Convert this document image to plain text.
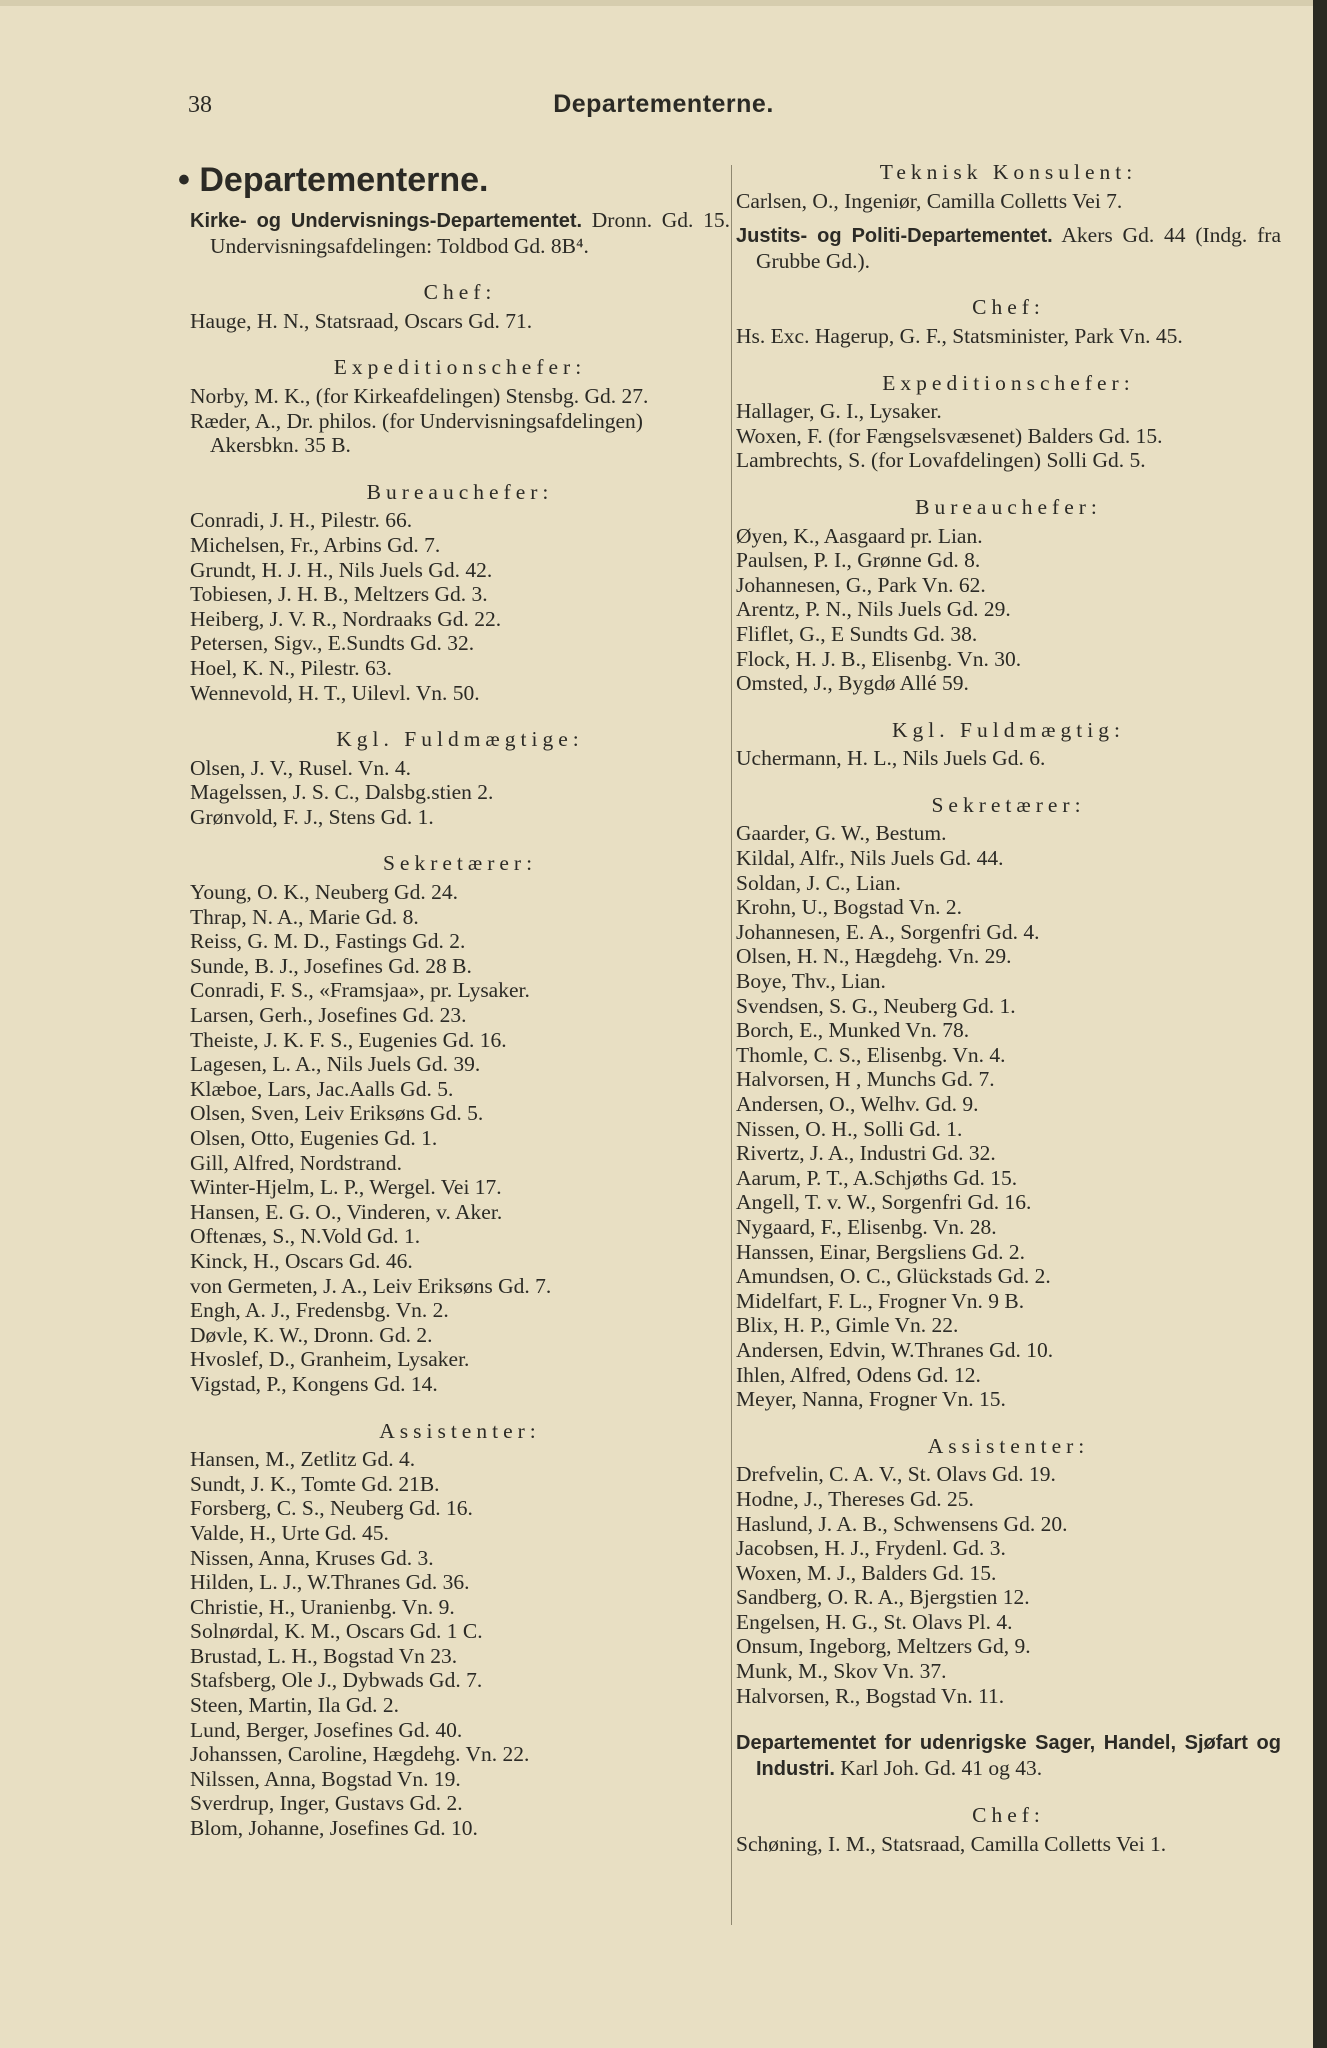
38	Departementerne.
• Departementerne.

Kirke- og Undervisnings-Departementet. Dronn. Gd. 15. Undervisningsafdelingen: Toldbod Gd. 8B⁴.

Chef:

Hauge, H. N., Statsraad, Oscars Gd. 71.

Expeditionschefer:

Norby, M. K., (for Kirkeafdelingen) Stensbg. Gd. 27.

Ræder, A., Dr. philos. (for Undervisningsafdelingen) Akersbkn. 35 B.

Bureauchefer:

Conradi, J. H., Pilestr. 66.

Michelsen, Fr., Arbins Gd. 7.

Grundt, H. J. H., Nils Juels Gd. 42.

Tobiesen, J. H. B., Meltzers Gd. 3.

Heiberg, J. V. R., Nordraaks Gd. 22.

Petersen, Sigv., E.Sundts Gd. 32.

Hoel, K. N., Pilestr. 63.

Wennevold, H. T., Uilevl. Vn. 50.

Kgl. Fuldmægtige:

Olsen, J. V., Rusel. Vn. 4.

Magelssen, J. S. C., Dalsbg.stien 2.

Grønvold, F. J., Stens Gd. 1.

Sekretærer:

Young, O. K., Neuberg Gd. 24.

Thrap, N. A., Marie Gd. 8.

Reiss, G. M. D., Fastings Gd. 2.

Sunde, B. J., Josefines Gd. 28 B.

Conradi, F. S., «Framsjaa», pr. Lysaker.

Larsen, Gerh., Josefines Gd. 23.

Theiste, J. K. F. S., Eugenies Gd. 16.

Lagesen, L. A., Nils Juels Gd. 39.

Klæboe, Lars, Jac.Aalls Gd. 5.

Olsen, Sven, Leiv Eriksøns Gd. 5.

Olsen, Otto, Eugenies Gd. 1.

Gill, Alfred, Nordstrand.

Winter-Hjelm, L. P., Wergel. Vei 17.

Hansen, E. G. O., Vinderen, v. Aker.

Oftenæs, S., N.Vold Gd. 1.

Kinck, H., Oscars Gd. 46.

von Germeten, J. A., Leiv Eriksøns Gd. 7.

Engh, A. J., Fredensbg. Vn. 2.

Døvle, K. W., Dronn. Gd. 2.

Hvoslef, D., Granheim, Lysaker.

Vigstad, P., Kongens Gd. 14.

Assistenter:

Hansen, M., Zetlitz Gd. 4.

Sundt, J. K., Tomte Gd. 21B.

Forsberg, C. S., Neuberg Gd. 16.

Valde, H., Urte Gd. 45.

Nissen, Anna, Kruses Gd. 3.

Hilden, L. J., W.Thranes Gd. 36.

Christie, H., Uranienbg. Vn. 9.

Solnørdal, K. M., Oscars Gd. 1 C.

Brustad, L. H., Bogstad Vn 23.

Stafsberg, Ole J., Dybwads Gd. 7.

Steen, Martin, Ila Gd. 2.

Lund, Berger, Josefines Gd. 40.

Johanssen, Caroline, Hægdehg. Vn. 22.

Nilssen, Anna, Bogstad Vn. 19.

Sverdrup, Inger, Gustavs Gd. 2.

Blom, Johanne, Josefines Gd. 10.

Teknisk Konsulent:

Carlsen, O., Ingeniør, Camilla Colletts Vei 7.

Justits- og Politi-Departementet. Akers Gd. 44 (Indg. fra Grubbe Gd.).

Chef:

Hs. Exc. Hagerup, G. F., Statsminister, Park Vn. 45.

Expeditionschefer:

Hallager, G. I., Lysaker.

Woxen, F. (for Fængselsvæsenet) Balders Gd. 15.

Lambrechts, S. (for Lovafdelingen) Solli Gd. 5.

Bureauchefer:

Øyen, K., Aasgaard pr. Lian.

Paulsen, P. I., Grønne Gd. 8.

Johannesen, G., Park Vn. 62.

Arentz, P. N., Nils Juels Gd. 29.

Fliflet, G., E Sundts Gd. 38.

Flock, H. J. B., Elisenbg. Vn. 30.

Omsted, J., Bygdø Allé 59.

Kgl. Fuldmægtig:

Uchermann, H. L., Nils Juels Gd. 6.

Sekretærer:

Gaarder, G. W., Bestum.

Kildal, Alfr., Nils Juels Gd. 44.

Soldan, J. C., Lian.

Krohn, U., Bogstad Vn. 2.

Johannesen, E. A., Sorgenfri Gd. 4.

Olsen, H. N., Hægdehg. Vn. 29.

Boye, Thv., Lian.

Svendsen, S. G., Neuberg Gd. 1.

Borch, E., Munked Vn. 78.

Thomle, C. S., Elisenbg. Vn. 4.

Halvorsen, H , Munchs Gd. 7.

Andersen, O., Welhv. Gd. 9.

Nissen, O. H., Solli Gd. 1.

Rivertz, J. A., Industri Gd. 32.

Aarum, P. T., A.Schjøths Gd. 15.

Angell, T. v. W., Sorgenfri Gd. 16.

Nygaard, F., Elisenbg. Vn. 28.

Hanssen, Einar, Bergsliens Gd. 2.

Amundsen, O. C., Glückstads Gd. 2.

Midelfart, F. L., Frogner Vn. 9 B.

Blix, H. P., Gimle Vn. 22.

Andersen, Edvin, W.Thranes Gd. 10.

Ihlen, Alfred, Odens Gd. 12.

Meyer, Nanna, Frogner Vn. 15.

Assistenter:

Drefvelin, C. A. V., St. Olavs Gd. 19.

Hodne, J., Thereses Gd. 25.

Haslund, J. A. B., Schwensens Gd. 20.

Jacobsen, H. J., Frydenl. Gd. 3.

Woxen, M. J., Balders Gd. 15.

Sandberg, O. R. A., Bjergstien 12.

Engelsen, H. G., St. Olavs Pl. 4.

Onsum, Ingeborg, Meltzers Gd, 9.

Munk, M., Skov Vn. 37.

Halvorsen, R., Bogstad Vn. 11.

Departementet for udenrigske Sager, Handel, Sjøfart og Industri. Karl Joh. Gd. 41 og 43.

Chef:

Schøning, I. M., Statsraad, Camilla Colletts Vei 1.
